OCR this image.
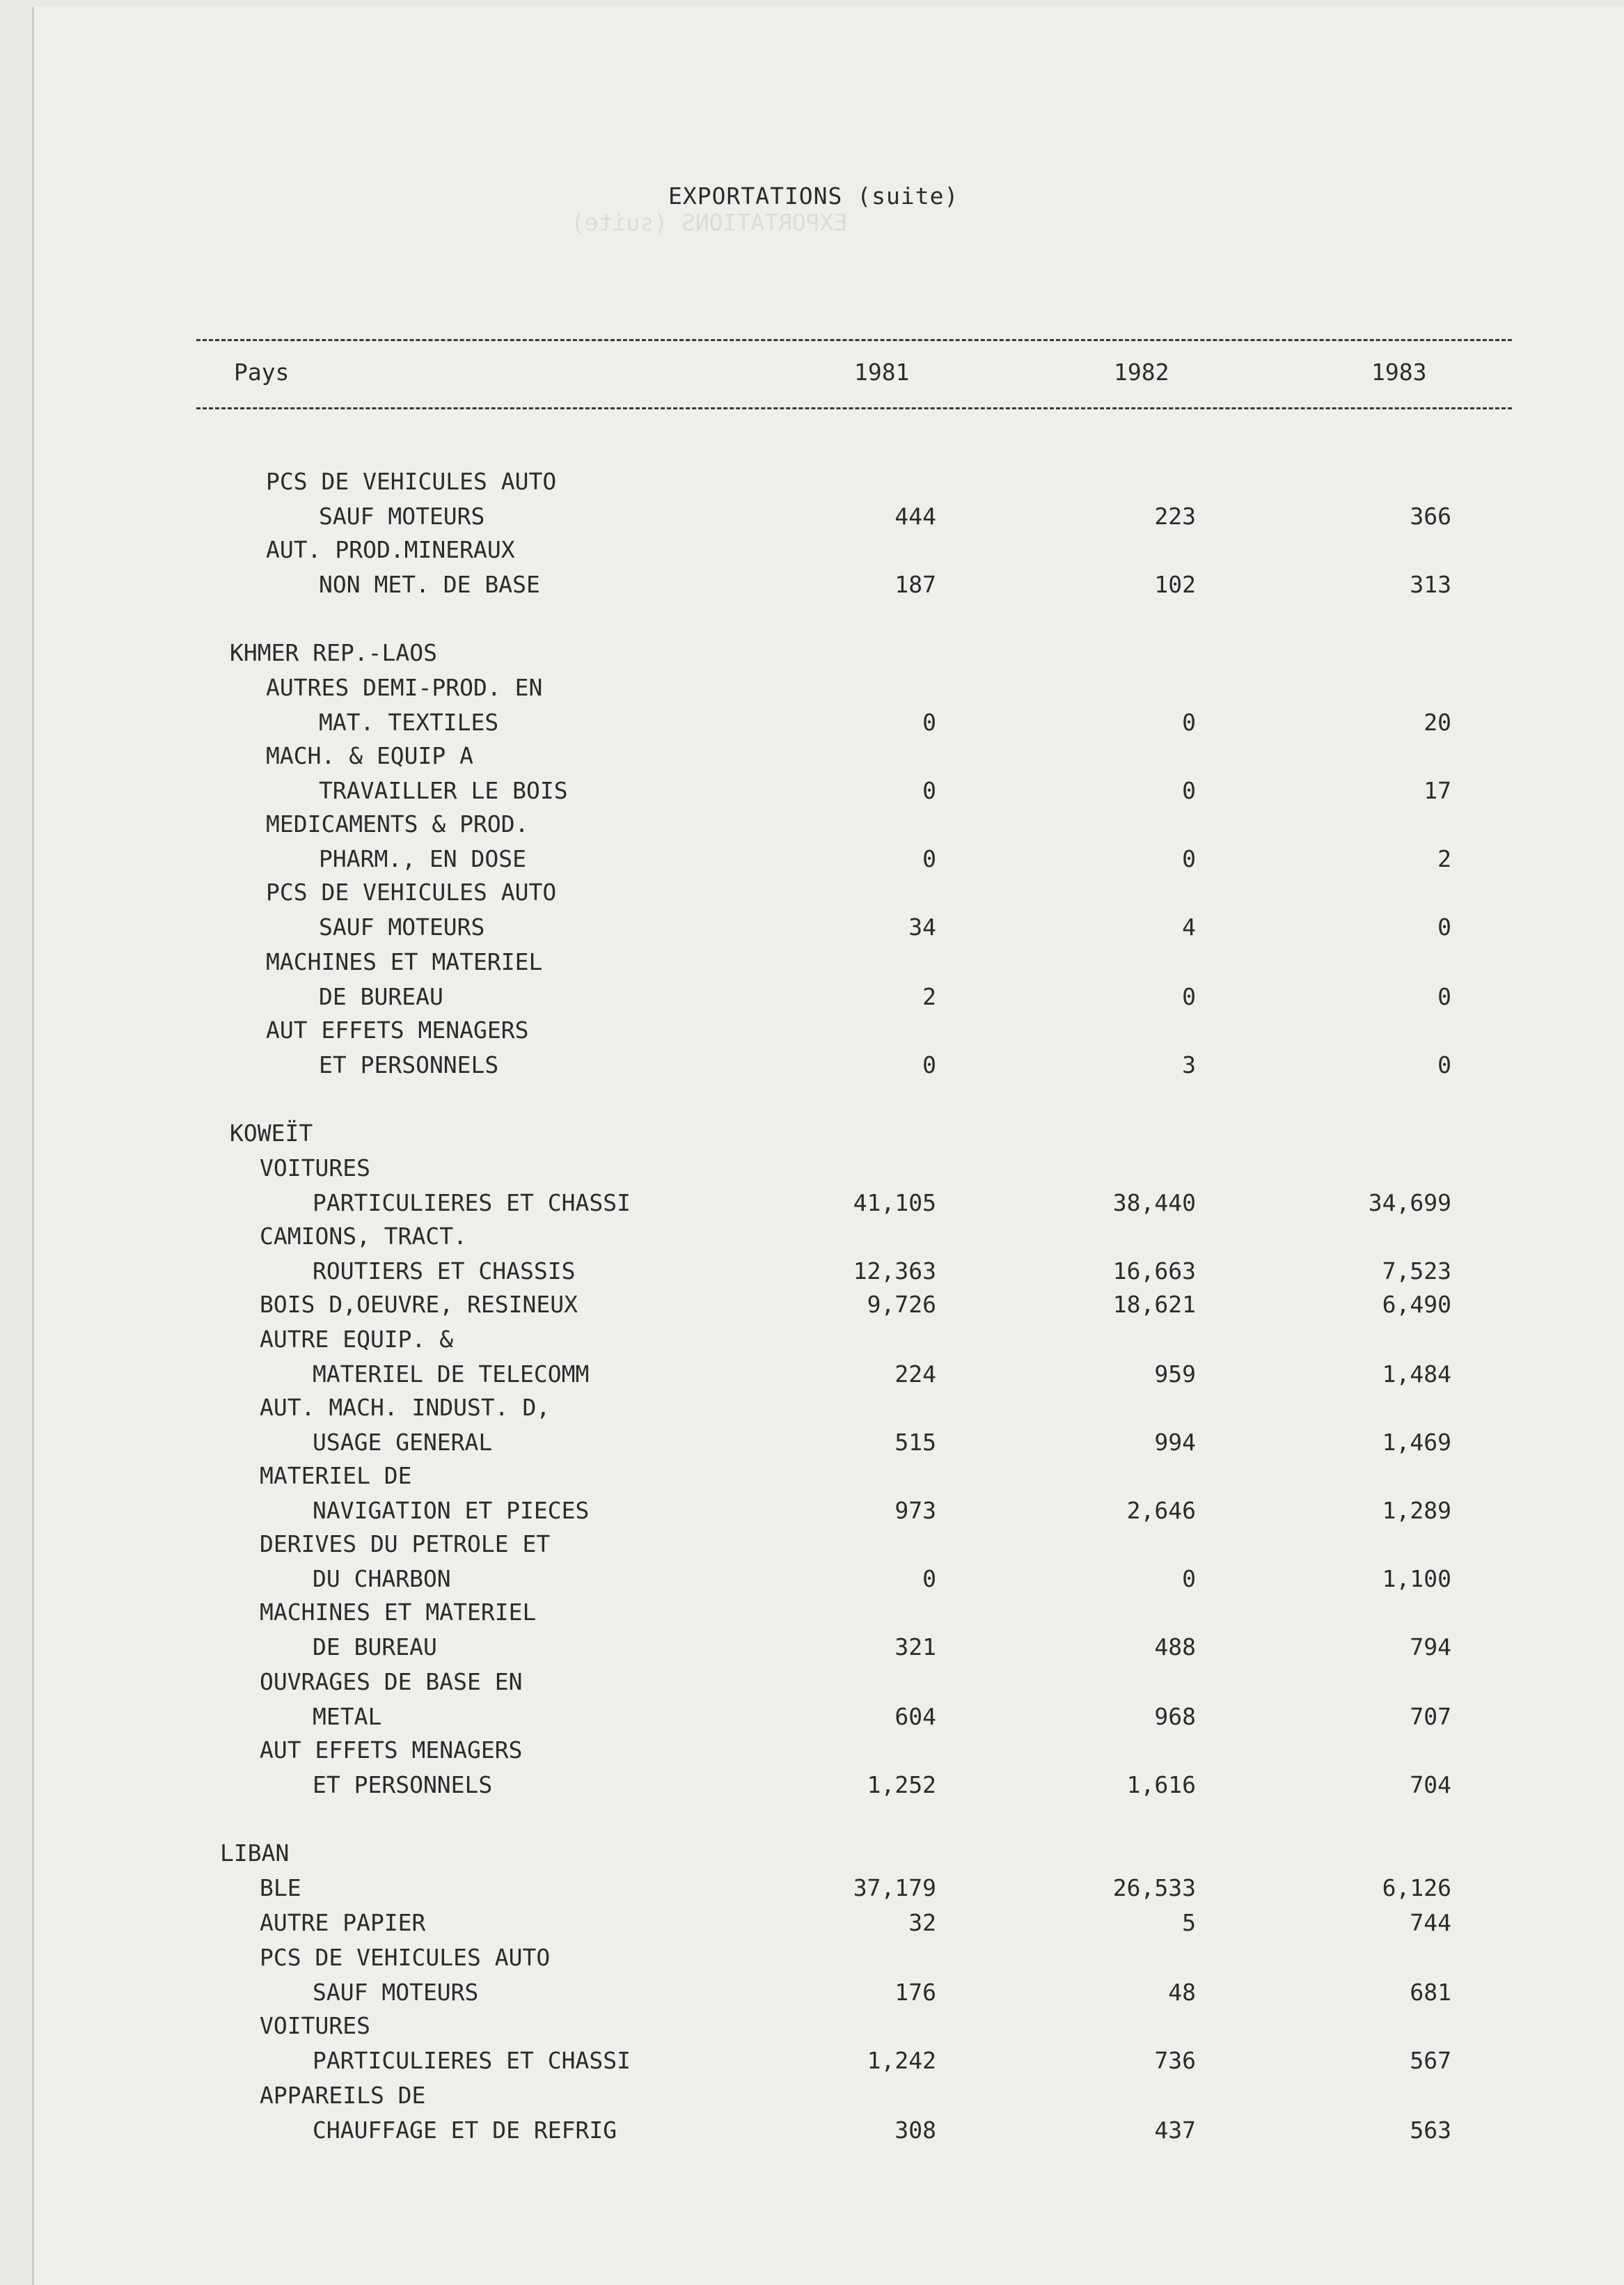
EXPORTATIONS (suite)
EXPORTATIONS (suite)
Pays	1981	1982	1983
PCS DE VEHICULES AUTO
SAUF MOTEURS	444	223	366
AUT. PROD.MINERAUX
NON MET. DE BASE	187	102	313
KHMER REP.-LAOS
AUTRES DEMI-PROD. EN
MAT. TEXTILES	0	0	20
MACH. & EQUIP A
TRAVAILLER LE BOIS	0	0	17
MEDICAMENTS & PROD.
PHARM., EN DOSE	0	0	2
PCS DE VEHICULES AUTO
SAUF MOTEURS	34	4	0
MACHINES ET MATERIEL
DE BUREAU	2	0	0
AUT EFFETS MENAGERS
ET PERSONNELS	0	3	0
KOWEÏT
VOITURES
PARTICULIERES ET CHASSI	41,105	38,440	34,699
CAMIONS, TRACT.
ROUTIERS ET CHASSIS	12,363	16,663	7,523
BOIS D,OEUVRE, RESINEUX	9,726	18,621	6,490
AUTRE EQUIP. &
MATERIEL DE TELECOMM	224	959	1,484
AUT. MACH. INDUST. D,
USAGE GENERAL	515	994	1,469
MATERIEL DE
NAVIGATION ET PIECES	973	2,646	1,289
DERIVES DU PETROLE ET
DU CHARBON	0	0	1,100
MACHINES ET MATERIEL
DE BUREAU	321	488	794
OUVRAGES DE BASE EN
METAL	604	968	707
AUT EFFETS MENAGERS
ET PERSONNELS	1,252	1,616	704
LIBAN
BLE	37,179	26,533	6,126
AUTRE PAPIER	32	5	744
PCS DE VEHICULES AUTO
SAUF MOTEURS	176	48	681
VOITURES
PARTICULIERES ET CHASSI	1,242	736	567
APPAREILS DE
CHAUFFAGE ET DE REFRIG	308	437	563
